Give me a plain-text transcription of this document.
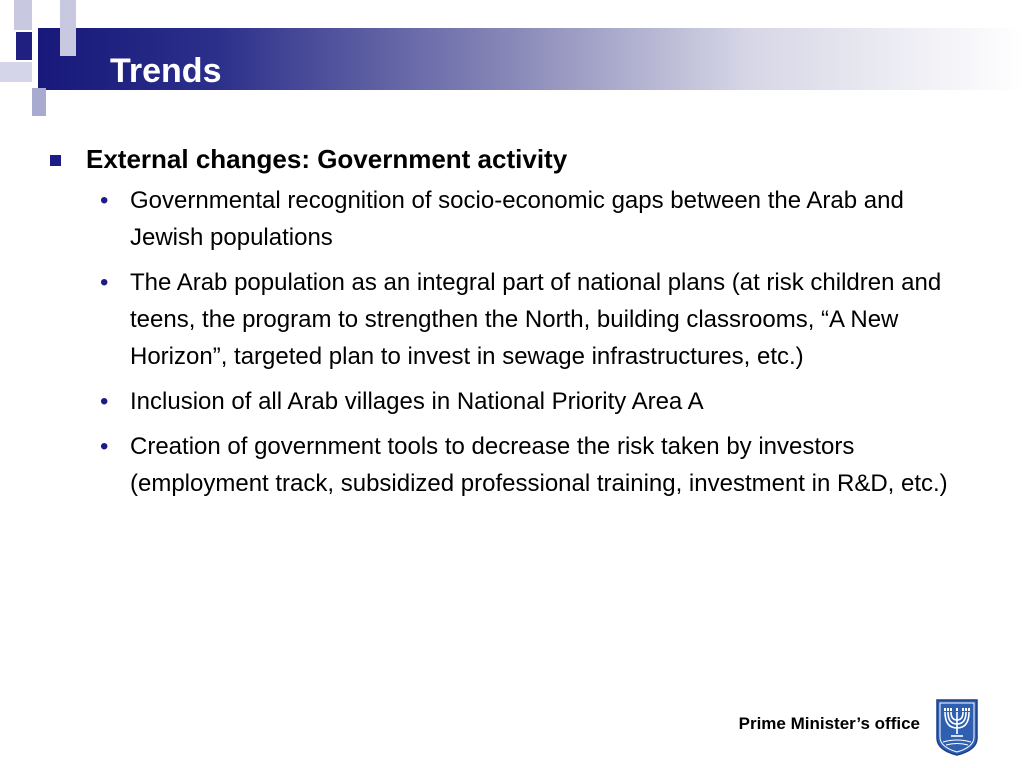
Trends
External changes: Government activity
• Governmental recognition of socio-economic gaps between the Arab and Jewish populations
• The Arab population as an integral part of national plans (at risk children and teens, the program to strengthen the North, building classrooms, “A New Horizon”, targeted plan to invest in sewage infrastructures, etc.)
• Inclusion of all Arab villages in National Priority Area A
• Creation of government tools to decrease the risk taken by investors (employment track, subsidized professional training, investment in R&D, etc.)
Prime Minister’s office
